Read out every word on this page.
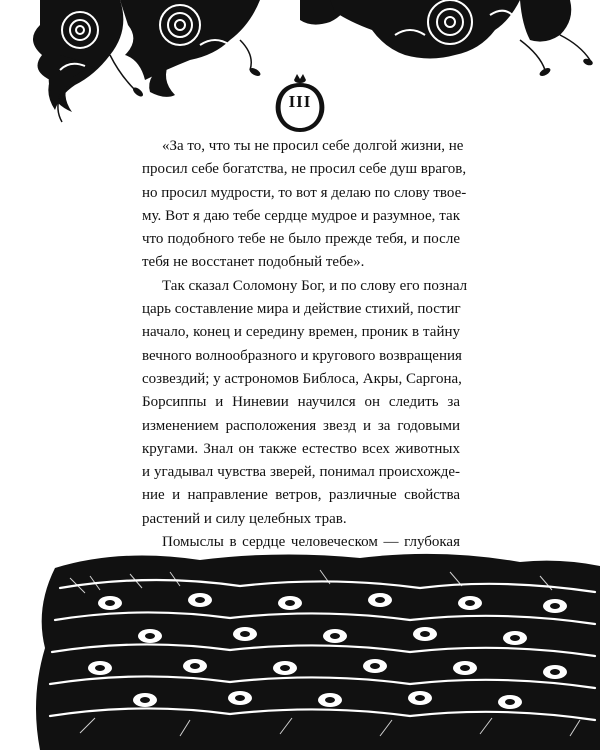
III

«За то, что ты не просил себе долгой жизни, не
просил себе богатства, не просил себе душ врагов,
но просил мудрости, то вот я делаю по слову твое-
му. Вот я даю тебе сердце мудрое и разумное, так
что подобного тебе не было прежде тебя, и после
тебя не восстанет подобный тебе».

Так сказал Соломону Бог, и по слову его познал
царь составление мира и действие стихий, постиг
начало, конец и середину времен, проник в тайну
вечного волнообразного и кругового возвращения
созвездий; у астрономов Библоса, Акры, Саргона,
Борсиппы и Ниневии научился он следить за
изменением расположения звезд и за годовыми
кругами. Знал он также естество всех животных
и угадывал чувства зверей, понимал происхожде-
ние и направление ветров, различные свойства
растений и силу целебных трав.

Помыслы в сердце человеческом — глубокая
